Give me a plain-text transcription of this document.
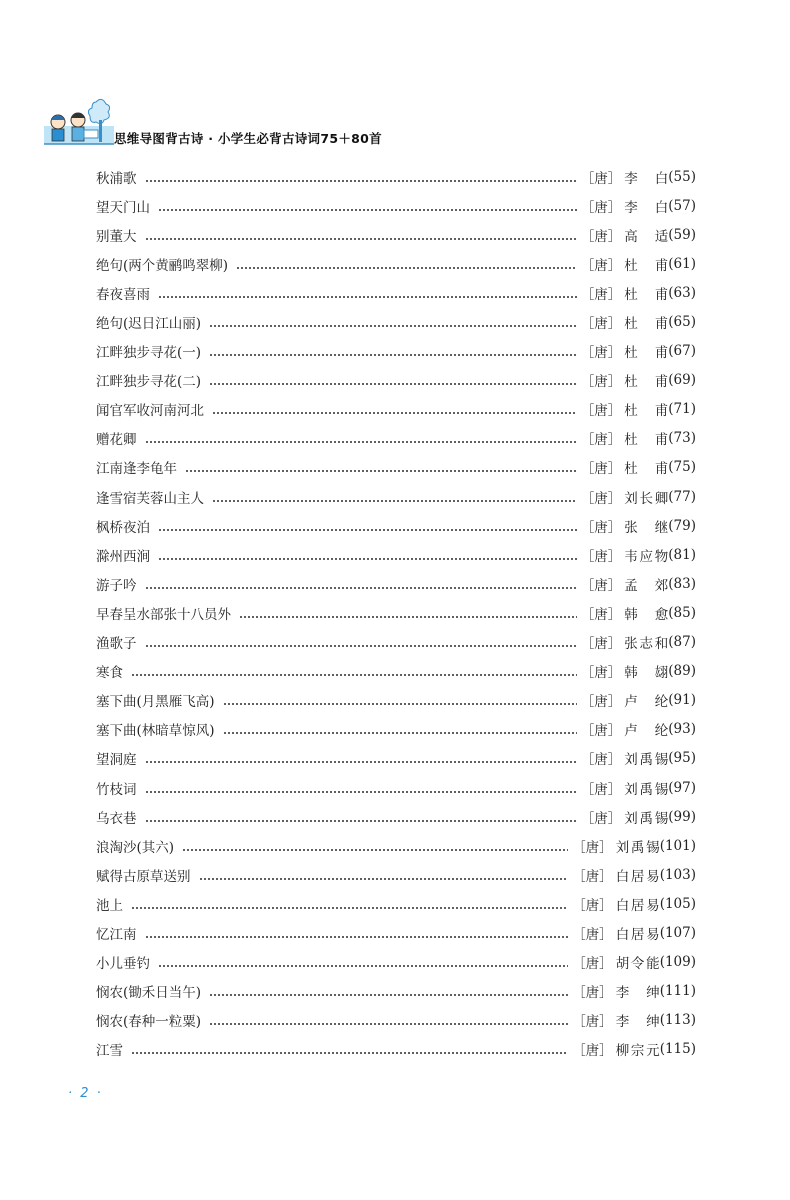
思维导图背古诗 · 小学生必背古诗词75＋80首
秋浦歌	［唐］ 李白 (55)
望天门山	［唐］ 李白 (57)
别董大	［唐］ 高适 (59)
绝句(两个黄鹂鸣翠柳)	［唐］ 杜甫 (61)
春夜喜雨	［唐］ 杜甫 (63)
绝句(迟日江山丽)	［唐］ 杜甫 (65)
江畔独步寻花(一)	［唐］ 杜甫 (67)
江畔独步寻花(二)	［唐］ 杜甫 (69)
闻官军收河南河北	［唐］ 杜甫 (71)
赠花卿	［唐］ 杜甫 (73)
江南逢李龟年	［唐］ 杜甫 (75)
逢雪宿芙蓉山主人	［唐］ 刘长卿 (77)
枫桥夜泊	［唐］ 张继 (79)
滁州西涧	［唐］ 韦应物 (81)
游子吟	［唐］ 孟郊 (83)
早春呈水部张十八员外	［唐］ 韩愈 (85)
渔歌子	［唐］ 张志和 (87)
寒食	［唐］ 韩翃 (89)
塞下曲(月黑雁飞高)	［唐］ 卢纶 (91)
塞下曲(林暗草惊风)	［唐］ 卢纶 (93)
望洞庭	［唐］ 刘禹锡 (95)
竹枝词	［唐］ 刘禹锡 (97)
乌衣巷	［唐］ 刘禹锡 (99)
浪淘沙(其六)	［唐］ 刘禹锡 (101)
赋得古原草送别	［唐］ 白居易 (103)
池上	［唐］ 白居易 (105)
忆江南	［唐］ 白居易 (107)
小儿垂钓	［唐］ 胡令能 (109)
悯农(锄禾日当午)	［唐］ 李绅 (111)
悯农(春种一粒粟)	［唐］ 李绅 (113)
江雪	［唐］ 柳宗元 (115)
· 2 ·
